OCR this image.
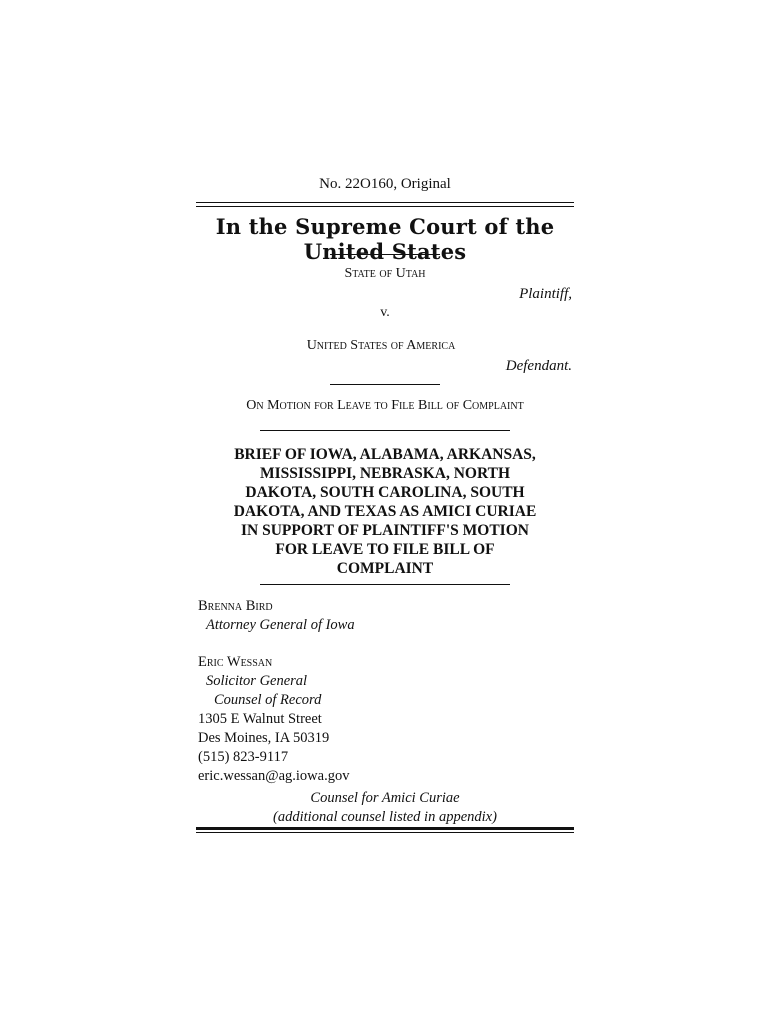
No. 22O160, Original
In the Supreme Court of the United States
State of Utah
Plaintiff,
v.
United States of America
Defendant.
On Motion for Leave to File Bill of Complaint
BRIEF OF IOWA, ALABAMA, ARKANSAS,
MISSISSIPPI, NEBRASKA, NORTH
DAKOTA, SOUTH CAROLINA, SOUTH
DAKOTA, AND TEXAS AS AMICI CURIAE
IN SUPPORT OF PLAINTIFF'S MOTION
FOR LEAVE TO FILE BILL OF
COMPLAINT
Brenna Bird
Attorney General of Iowa
Eric Wessan
Solicitor General
Counsel of Record
1305 E Walnut Street
Des Moines, IA 50319
(515) 823-9117
eric.wessan@ag.iowa.gov
Counsel for Amici Curiae
(additional counsel listed in appendix)
